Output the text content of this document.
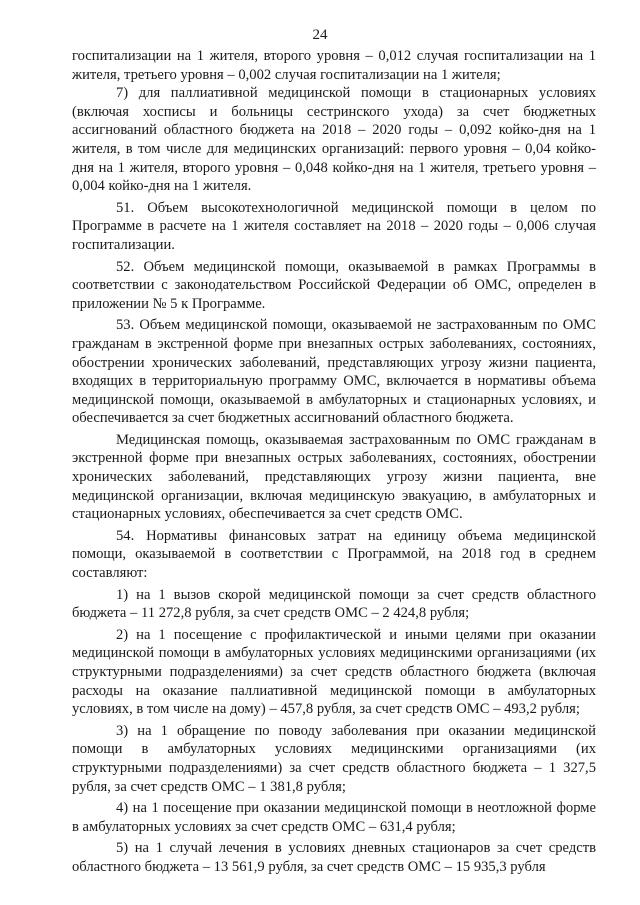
24

госпитализации на 1 жителя, второго уровня – 0,012 случая госпитализации на 1 жителя, третьего уровня – 0,002 случая госпитализации на 1 жителя;

7) для паллиативной медицинской помощи в стационарных условиях (включая хосписы и больницы сестринского ухода) за счет бюджетных ассигнований областного бюджета на 2018 – 2020 годы – 0,092 койко-дня на 1 жителя, в том числе для медицинских организаций: первого уровня – 0,04 койко-дня на 1 жителя, второго уровня – 0,048 койко-дня на 1 жителя, третьего уровня – 0,004 койко-дня на 1 жителя.

51. Объем высокотехнологичной медицинской помощи в целом по Программе в расчете на 1 жителя составляет на 2018 – 2020 годы – 0,006 случая госпитализации.

52. Объем медицинской помощи, оказываемой в рамках Программы в соответствии с законодательством Российской Федерации об ОМС, определен в приложении № 5 к Программе.

53. Объем медицинской помощи, оказываемой не застрахованным по ОМС гражданам в экстренной форме при внезапных острых заболеваниях, состояниях, обострении хронических заболеваний, представляющих угрозу жизни пациента, входящих в территориальную программу ОМС, включается в нормативы объема медицинской помощи, оказываемой в амбулаторных и стационарных условиях, и обеспечивается за счет бюджетных ассигнований областного бюджета.

Медицинская помощь, оказываемая застрахованным по ОМС гражданам в экстренной форме при внезапных острых заболеваниях, состояниях, обострении хронических заболеваний, представляющих угрозу жизни пациента, вне медицинской организации, включая медицинскую эвакуацию, в амбулаторных и стационарных условиях, обеспечивается за счет средств ОМС.

54. Нормативы финансовых затрат на единицу объема медицинской помощи, оказываемой в соответствии с Программой, на 2018 год в среднем составляют:

1) на 1 вызов скорой медицинской помощи за счет средств областного бюджета – 11 272,8 рубля, за счет средств ОМС – 2 424,8 рубля;

2) на 1 посещение с профилактической и иными целями при оказании медицинской помощи в амбулаторных условиях медицинскими организациями (их структурными подразделениями) за счет средств областного бюджета (включая расходы на оказание паллиативной медицинской помощи в амбулаторных условиях, в том числе на дому) – 457,8 рубля, за счет средств ОМС – 493,2 рубля;

3) на 1 обращение по поводу заболевания при оказании медицинской помощи в амбулаторных условиях медицинскими организациями (их структурными подразделениями) за счет средств областного бюджета – 1 327,5 рубля, за счет средств ОМС – 1 381,8 рубля;

4) на 1 посещение при оказании медицинской помощи в неотложной форме в амбулаторных условиях за счет средств ОМС – 631,4 рубля;

5) на 1 случай лечения в условиях дневных стационаров за счет средств областного бюджета – 13 561,9 рубля, за счет средств ОМС – 15 935,3 рубля
